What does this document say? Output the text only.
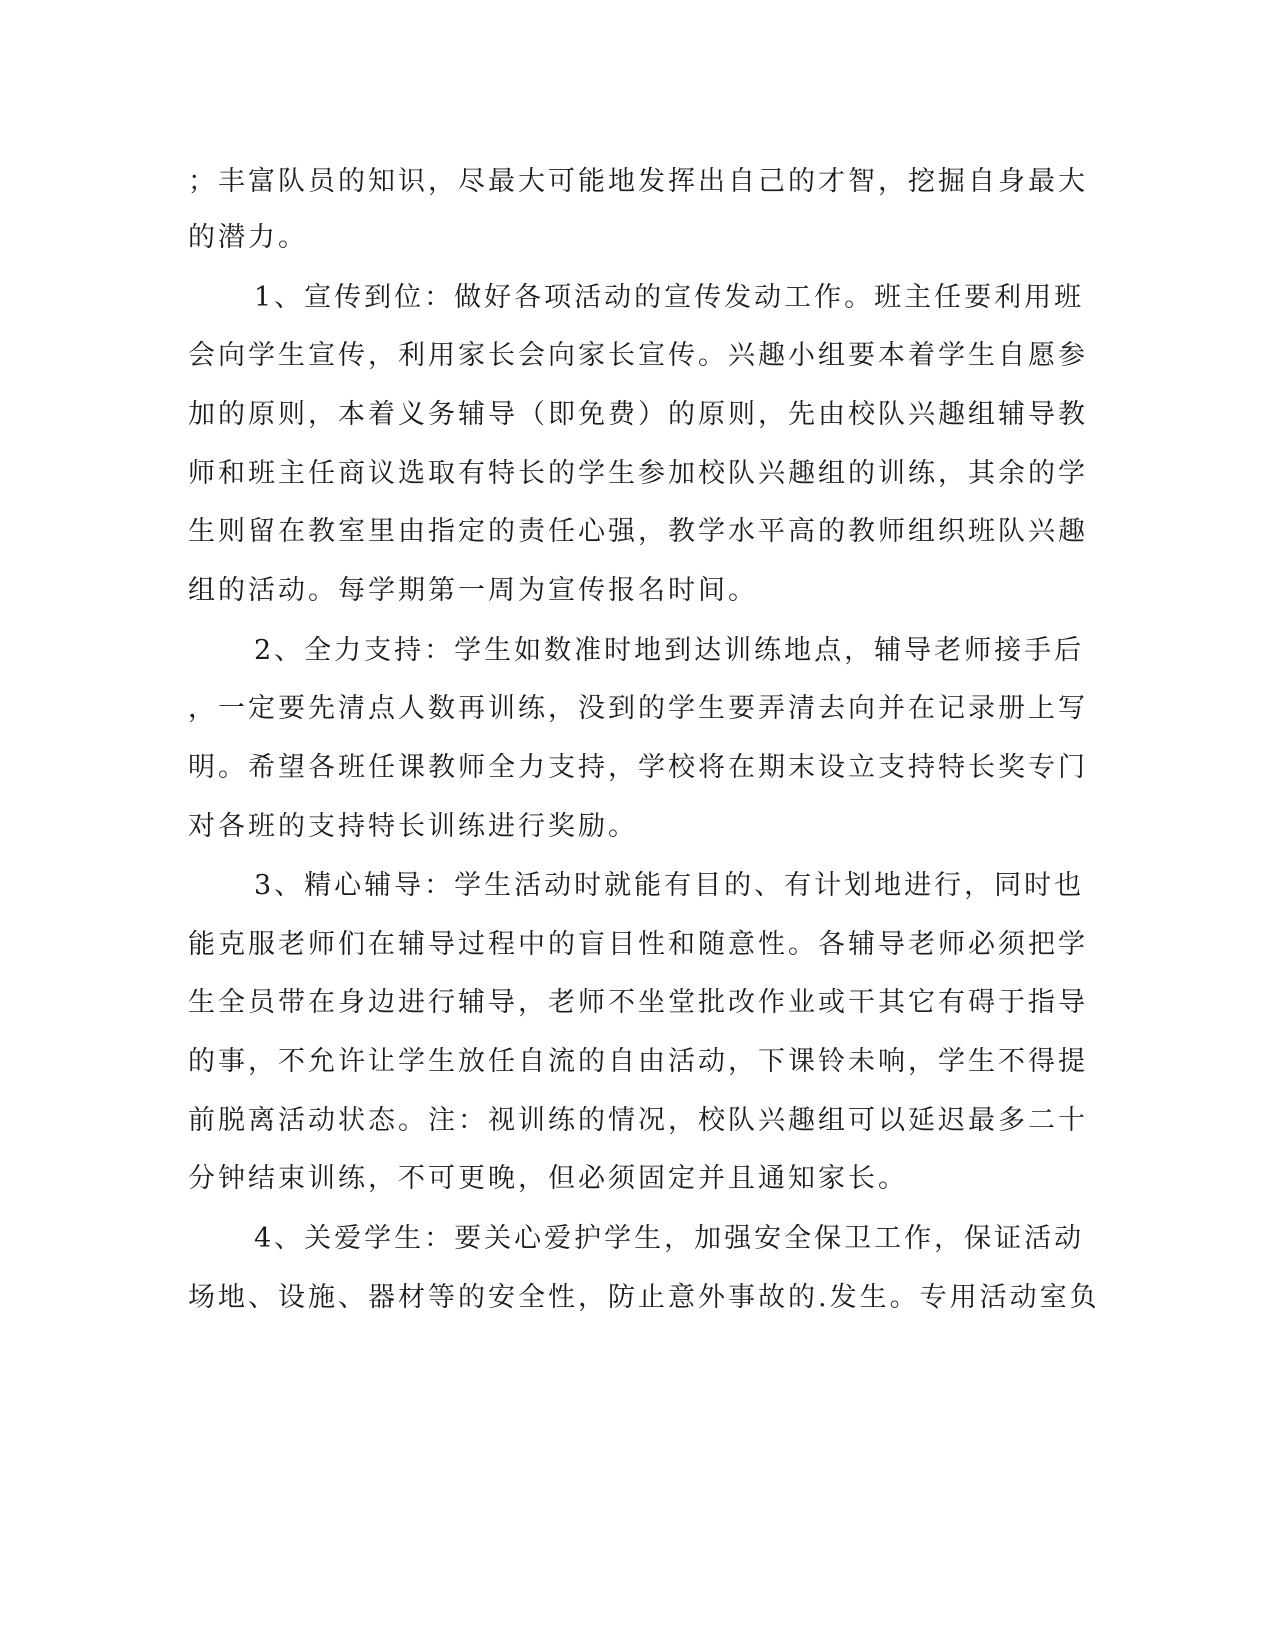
；丰富队员的知识，尽最大可能地发挥出自己的才智，挖掘自身最大
的潜力。
1、宣传到位：做好各项活动的宣传发动工作。班主任要利用班
会向学生宣传，利用家长会向家长宣传。兴趣小组要本着学生自愿参
加的原则，本着义务辅导（即免费）的原则，先由校队兴趣组辅导教
师和班主任商议选取有特长的学生参加校队兴趣组的训练，其余的学
生则留在教室里由指定的责任心强，教学水平高的教师组织班队兴趣
组的活动。每学期第一周为宣传报名时间。
2、全力支持：学生如数准时地到达训练地点，辅导老师接手后
，一定要先清点人数再训练，没到的学生要弄清去向并在记录册上写
明。希望各班任课教师全力支持，学校将在期末设立支持特长奖专门
对各班的支持特长训练进行奖励。
3、精心辅导：学生活动时就能有目的、有计划地进行，同时也
能克服老师们在辅导过程中的盲目性和随意性。各辅导老师必须把学
生全员带在身边进行辅导，老师不坐堂批改作业或干其它有碍于指导
的事，不允许让学生放任自流的自由活动，下课铃未响，学生不得提
前脱离活动状态。注：视训练的情况，校队兴趣组可以延迟最多二十
分钟结束训练，不可更晚，但必须固定并且通知家长。
4、关爱学生：要关心爱护学生，加强安全保卫工作，保证活动
场地、设施、器材等的安全性，防止意外事故的.发生。专用活动室负
